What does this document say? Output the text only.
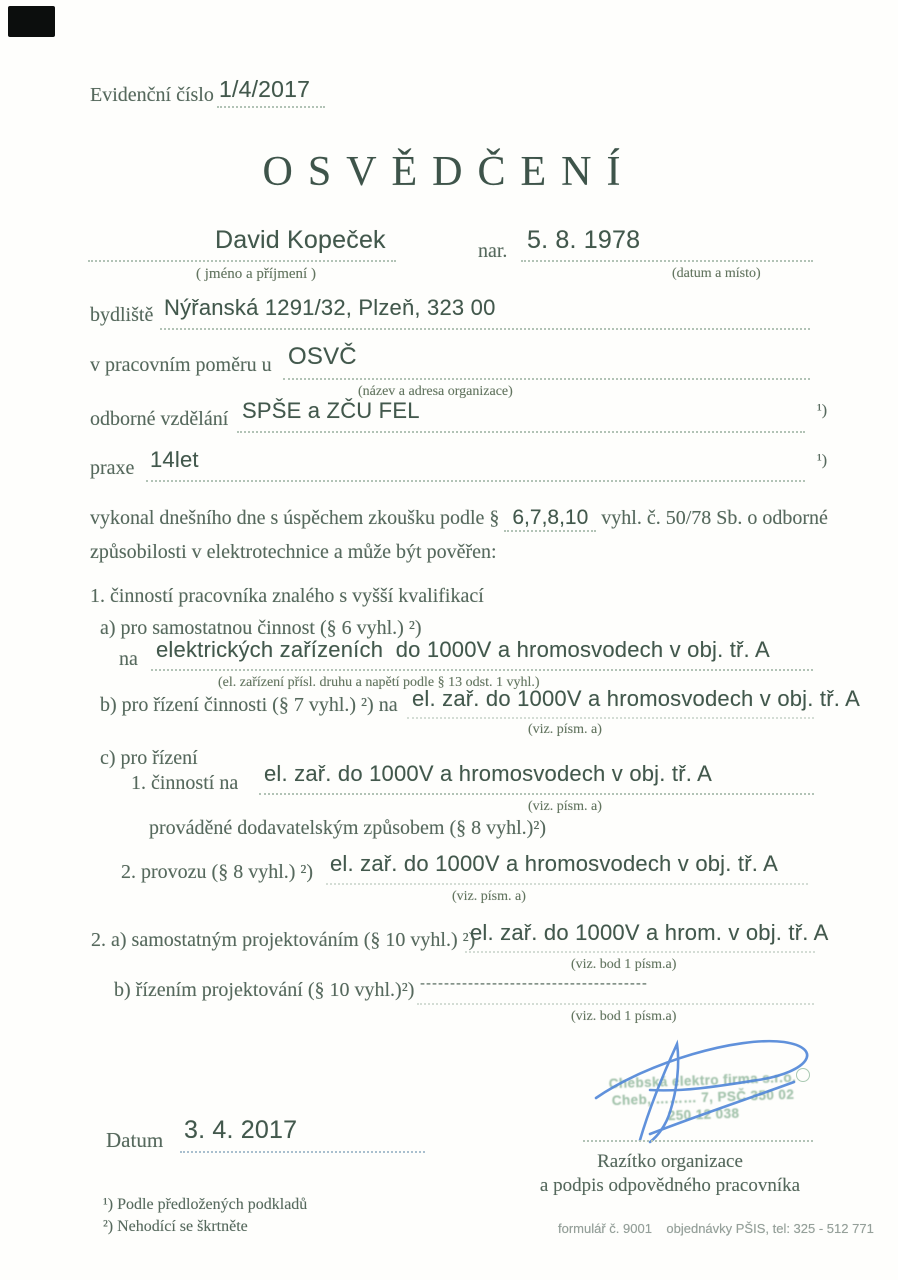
Evidenční číslo 1/4/2017
OSVĚDČENÍ
David Kopeček
( jméno a příjmení )
nar. 5. 8. 1978
(datum a místo)
bydliště Nýřanská 1291/32, Plzeň, 323 00
v pracovním poměru u OSVČ
(název a adresa organizace)
odborné vzdělání SPŠE a ZČU FEL	¹)
praxe 14let	¹)
vykonal dnešního dne s úspěchem zkoušku podle § 6,7,8,10 vyhl. č. 50/78 Sb. o odborné
způsobilosti v elektrotechnice a může být pověřen:
1. činností pracovníka znalého s vyšší kvalifikací
a) pro samostatnou činnost (§ 6 vyhl.) ²)
na elektrických zařízeních  do 1000V a hromosvodech v obj. tř. A
(el. zařízení přísl. druhu a napětí podle § 13 odst. 1 vyhl.)
b) pro řízení činnosti (§ 7 vyhl.) ²) na el. zař. do 1000V a hromosvodech v obj. tř. A
(viz. písm. a)
c) pro řízení
1. činností na el. zař. do 1000V a hromosvodech v obj. tř. A
(viz. písm. a)
prováděné dodavatelským způsobem (§ 8 vyhl.)²)
2. provozu (§ 8 vyhl.) ²) el. zař. do 1000V a hromosvodech v obj. tř. A
(viz. písm. a)
2. a) samostatným projektováním (§ 10 vyhl.) ²)
el. zař. do 1000V a hrom. v obj. tř. A
(viz. bod 1 písm.a)
b) řízením projektování (§ 10 vyhl.)²) --------------------------------------
(viz. bod 1 písm.a)
Chebská elektro firma s.r.o.
Cheb, ……… 7, PSČ 350 02
250 12 038
Razítko organizace
a podpis odpovědného pracovníka
Datum 3. 4. 2017
¹) Podle předložených podkladů
²) Nehodící se škrtněte	formulář č. 9001    objednávky PŠIS, tel: 325 - 512 771
